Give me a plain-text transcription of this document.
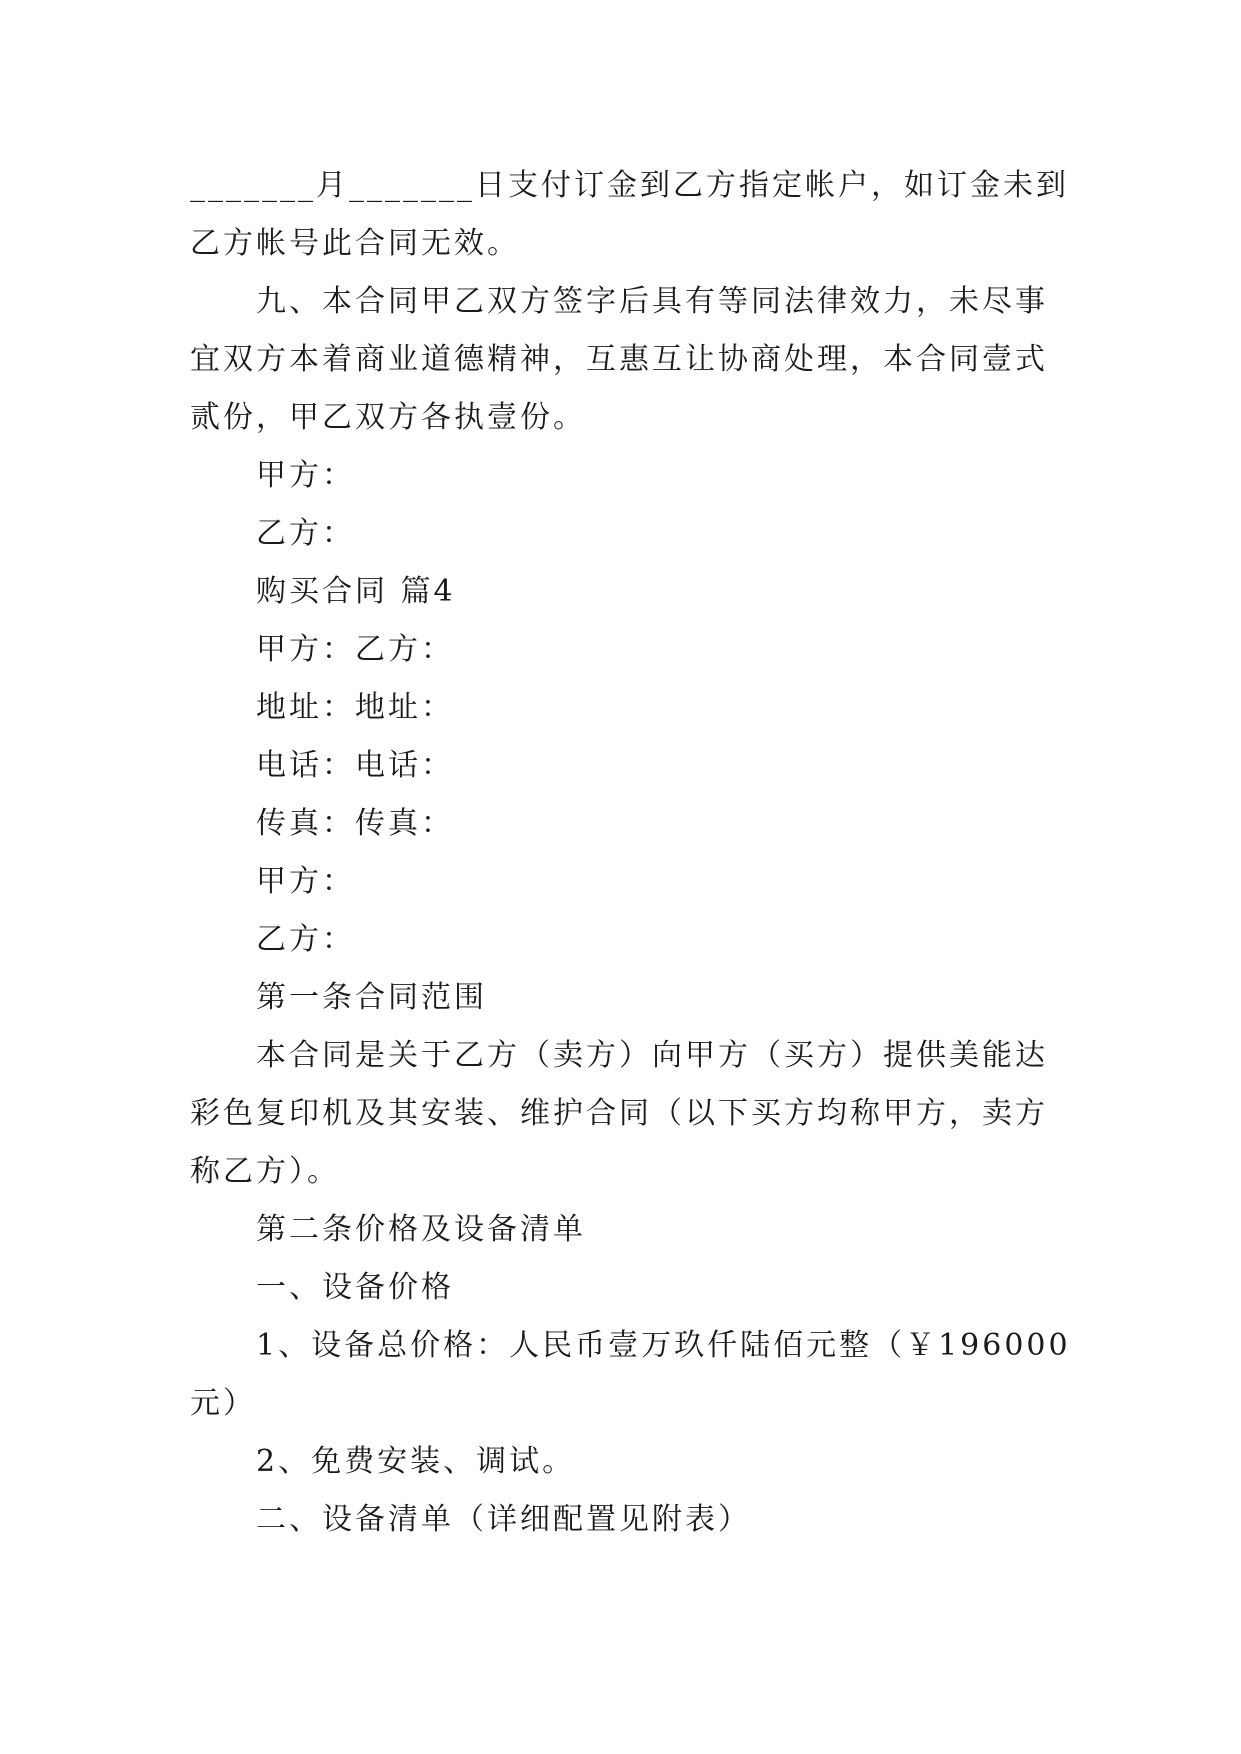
_______月_______日支付订金到乙方指定帐户，如订金未到
乙方帐号此合同无效。
九、本合同甲乙双方签字后具有等同法律效力，未尽事
宜双方本着商业道德精神，互惠互让协商处理，本合同壹式
贰份，甲乙双方各执壹份。
甲方：
乙方：
购买合同 篇4
甲方：乙方：
地址：地址：
电话：电话：
传真：传真：
甲方：
乙方：
第一条合同范围
本合同是关于乙方（卖方）向甲方（买方）提供美能达
彩色复印机及其安装、维护合同（以下买方均称甲方，卖方
称乙方）。
第二条价格及设备清单
一、设备价格
1、设备总价格：人民币壹万玖仟陆佰元整（￥196000
元）
2、免费安装、调试。
二、设备清单（详细配置见附表）
